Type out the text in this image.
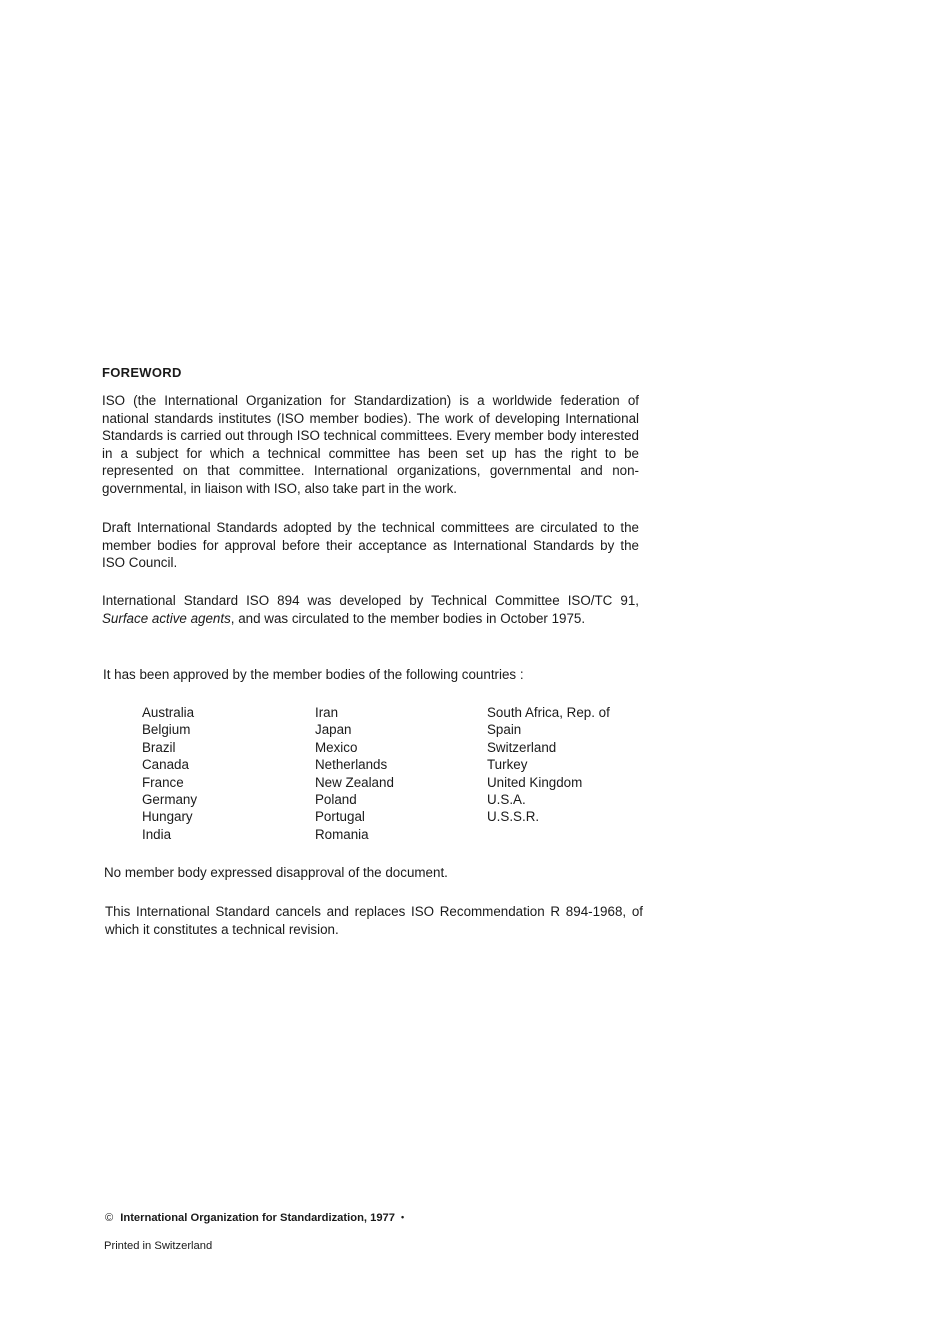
FOREWORD
ISO (the International Organization for Standardization) is a worldwide federation of national standards institutes (ISO member bodies). The work of developing International Standards is carried out through ISO technical committees. Every member body interested in a subject for which a technical committee has been set up has the right to be represented on that committee. International organizations, governmental and non-governmental, in liaison with ISO, also take part in the work.
Draft International Standards adopted by the technical committees are circulated to the member bodies for approval before their acceptance as International Standards by the ISO Council.
International Standard ISO 894 was developed by Technical Committee ISO/TC 91, Surface active agents, and was circulated to the member bodies in October 1975.
It has been approved by the member bodies of the following countries :
Australia
Belgium
Brazil
Canada
France
Germany
Hungary
India
Iran
Japan
Mexico
Netherlands
New Zealand
Poland
Portugal
Romania
South Africa, Rep. of
Spain
Switzerland
Turkey
United Kingdom
U.S.A.
U.S.S.R.
No member body expressed disapproval of the document.
This International Standard cancels and replaces ISO Recommendation R 894-1968, of which it constitutes a technical revision.
© International Organization for Standardization, 1977 •
Printed in Switzerland
